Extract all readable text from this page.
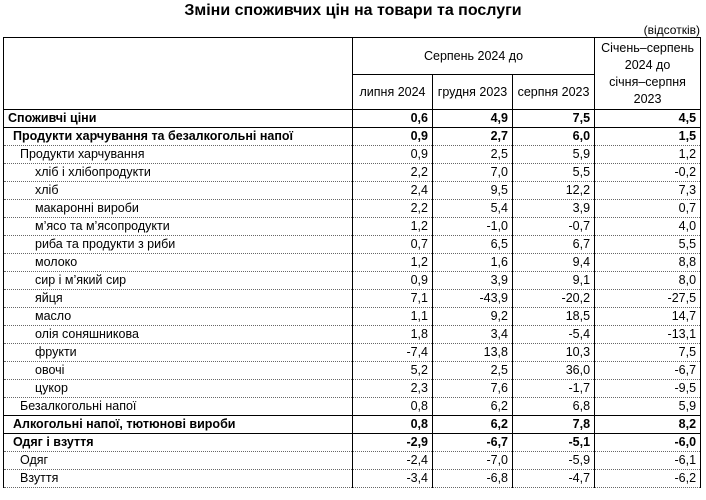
Зміни споживчих цін на товари та послуги
(відсотків)
	Серпень 2024 до			Січень–серпень
2024 до
січня–серпня
2023

	липня 2024	грудня 2023	серпня 2023	
Споживчі ціни	0,6	4,9	7,5	4,5
Продукти харчування та безалкогольні напої	0,9	2,7	6,0	1,5
Продукти харчування	0,9	2,5	5,9	1,2
хліб і хлібопродукти	2,2	7,0	5,5	-0,2
хліб	2,4	9,5	12,2	7,3
макаронні вироби	2,2	5,4	3,9	0,7
м’ясо та м’ясопродукти	1,2	-1,0	-0,7	4,0
риба та продукти з риби	0,7	6,5	6,7	5,5
молоко	1,2	1,6	9,4	8,8
сир і м’який сир	0,9	3,9	9,1	8,0
яйця	7,1	-43,9	-20,2	-27,5
масло	1,1	9,2	18,5	14,7
олія соняшникова	1,8	3,4	-5,4	-13,1
фрукти	-7,4	13,8	10,3	7,5
овочі	5,2	2,5	36,0	-6,7
цукор	2,3	7,6	-1,7	-9,5
Безалкогольні напої	0,8	6,2	6,8	5,9
Алкогольні напої, тютюнові вироби	0,8	6,2	7,8	8,2
Одяг і взуття	-2,9	-6,7	-5,1	-6,0
Одяг	-2,4	-7,0	-5,9	-6,1
Взуття	-3,4	-6,8	-4,7	-6,2
